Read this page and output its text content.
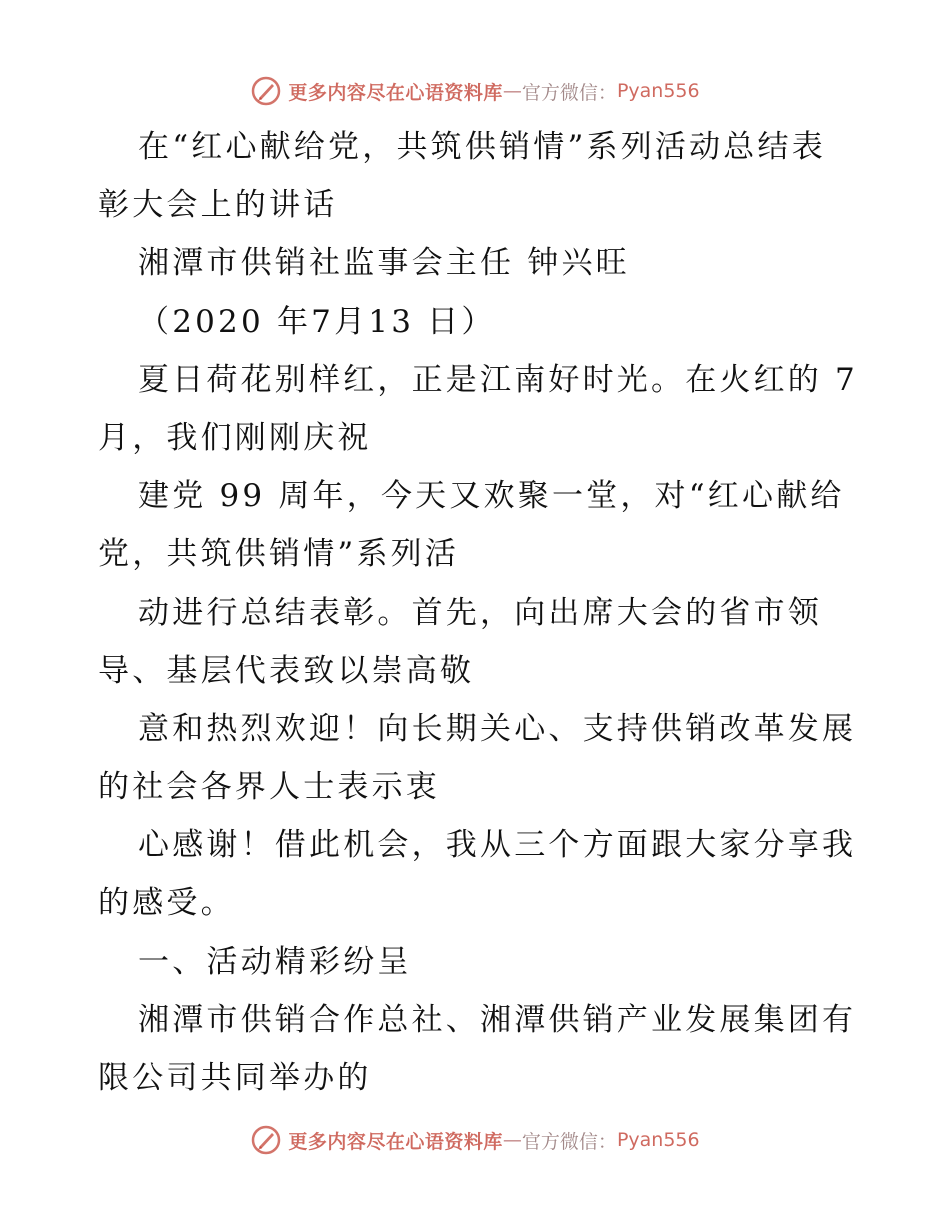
更多内容尽在心语资料库 — 官方微信： Pyan556
在“红心献给党，共筑供销情”系列活动总结表
彰大会上的讲话
湘潭市供销社监事会主任 钟兴旺
（2020 年7月13 日）
夏日荷花别样红，正是江南好时光。在火红的 7
月，我们刚刚庆祝
建党 99 周年，今天又欢聚一堂，对“红心献给
党，共筑供销情”系列活
动进行总结表彰。首先，向出席大会的省市领
导、基层代表致以崇高敬
意和热烈欢迎！向长期关心、支持供销改革发展
的社会各界人士表示衷
心感谢！借此机会，我从三个方面跟大家分享我
的感受。
一、活动精彩纷呈
湘潭市供销合作总社、湘潭供销产业发展集团有
限公司共同举办的
更多内容尽在心语资料库 — 官方微信： Pyan556
